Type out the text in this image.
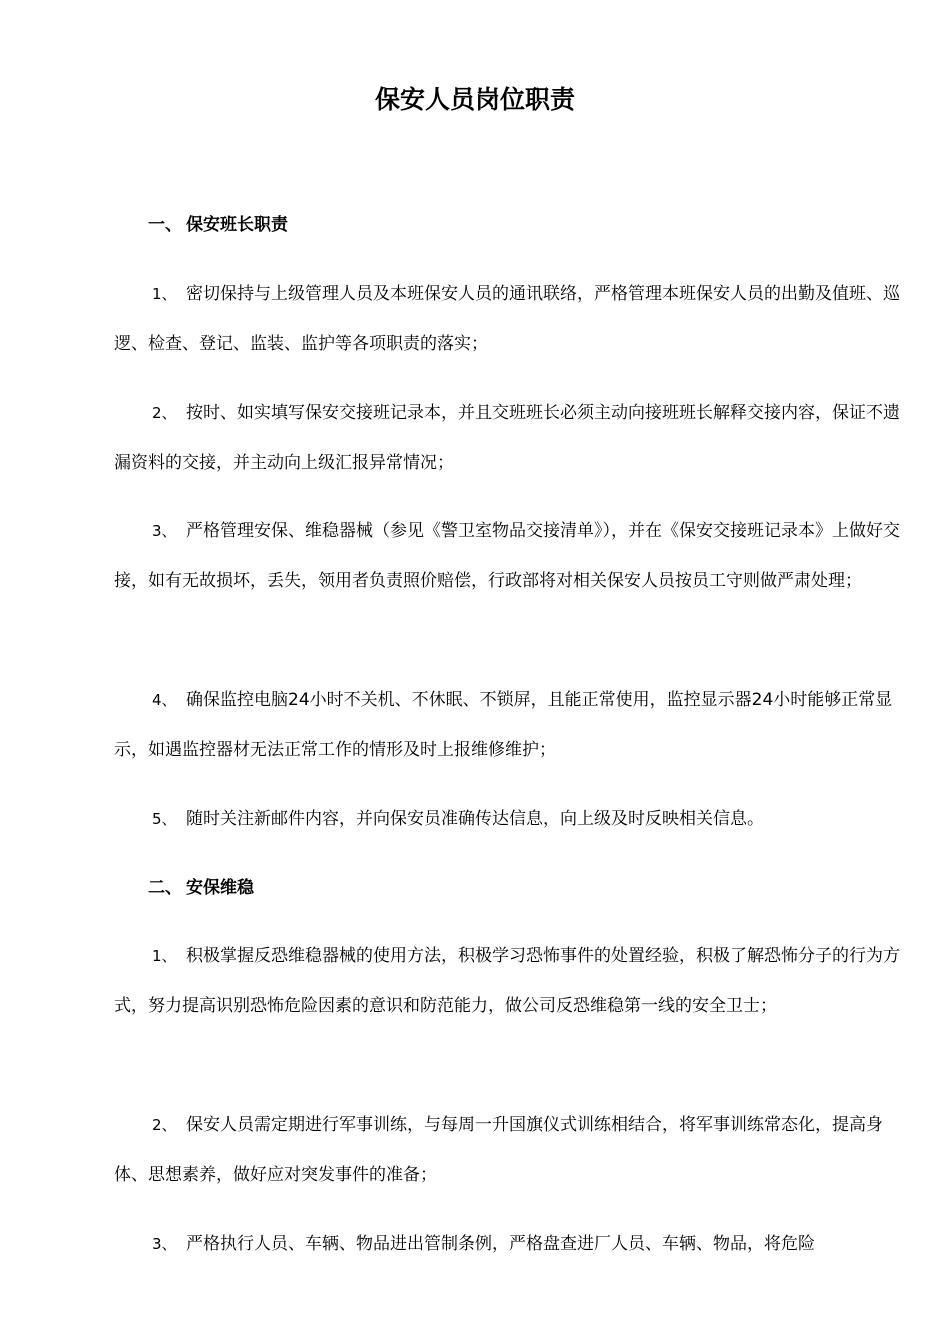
保安人员岗位职责
一、 保安班长职责
1、 密切保持与上级管理人员及本班保安人员的通讯联络，严格管理本班保安人员的出勤及值班、巡逻、检查、登记、监装、监护等各项职责的落实；
2、 按时、如实填写保安交接班记录本，并且交班班长必须主动向接班班长解释交接内容，保证不遗漏资料的交接，并主动向上级汇报异常情况；
3、 严格管理安保、维稳器械（参见《警卫室物品交接清单》），并在《保安交接班记录本》上做好交接，如有无故损坏，丢失，领用者负责照价赔偿，行政部将对相关保安人员按员工守则做严肃处理；
4、 确保监控电脑24小时不关机、不休眠、不锁屏，且能正常使用，监控显示器24小时能够正常显示，如遇监控器材无法正常工作的情形及时上报维修维护；
5、 随时关注新邮件内容，并向保安员准确传达信息，向上级及时反映相关信息。
二、 安保维稳
1、 积极掌握反恐维稳器械的使用方法，积极学习恐怖事件的处置经验，积极了解恐怖分子的行为方式，努力提高识别恐怖危险因素的意识和防范能力，做公司反恐维稳第一线的安全卫士；
2、 保安人员需定期进行军事训练，与每周一升国旗仪式训练相结合，将军事训练常态化，提高身体、思想素养，做好应对突发事件的准备；
3、 严格执行人员、车辆、物品进出管制条例，严格盘查进厂人员、车辆、物品，将危险
